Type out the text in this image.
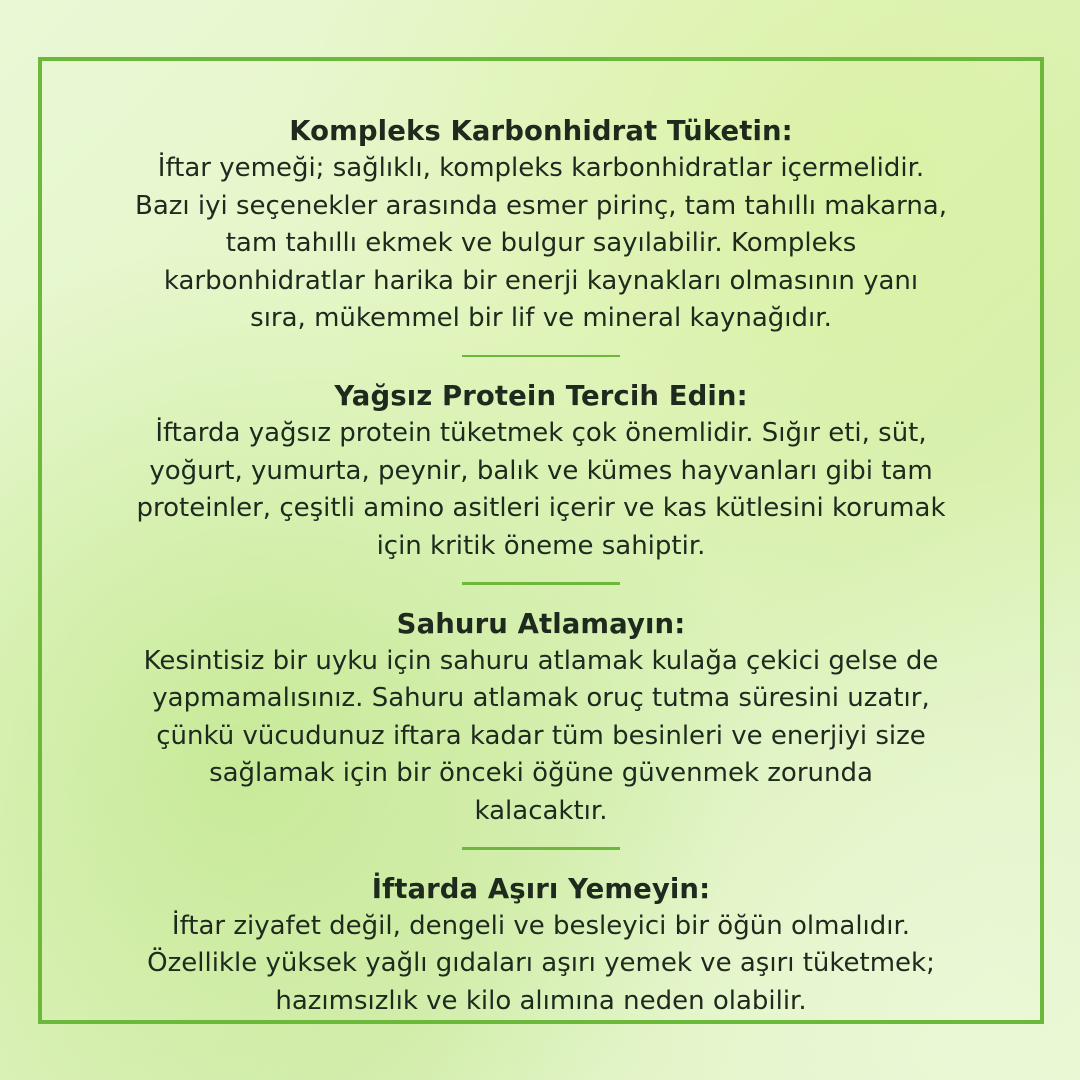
Kompleks Karbonhidrat Tüketin:
İftar yemeği; sağlıklı, kompleks karbonhidratlar içermelidir.
Bazı iyi seçenekler arasında esmer pirinç, tam tahıllı makarna,
tam tahıllı ekmek ve bulgur sayılabilir. Kompleks
karbonhidratlar harika bir enerji kaynakları olmasının yanı
sıra, mükemmel bir lif ve mineral kaynağıdır.
Yağsız Protein Tercih Edin:
İftarda yağsız protein tüketmek çok önemlidir. Sığır eti, süt,
yoğurt, yumurta, peynir, balık ve kümes hayvanları gibi tam
proteinler, çeşitli amino asitleri içerir ve kas kütlesini korumak
için kritik öneme sahiptir.
Sahuru Atlamayın:
Kesintisiz bir uyku için sahuru atlamak kulağa çekici gelse de
yapmamalısınız. Sahuru atlamak oruç tutma süresini uzatır,
çünkü vücudunuz iftara kadar tüm besinleri ve enerjiyi size
sağlamak için bir önceki öğüne güvenmek zorunda
kalacaktır.
İftarda Aşırı Yemeyin:
İftar ziyafet değil, dengeli ve besleyici bir öğün olmalıdır.
Özellikle yüksek yağlı gıdaları aşırı yemek ve aşırı tüketmek;
hazımsızlık ve kilo alımına neden olabilir.
